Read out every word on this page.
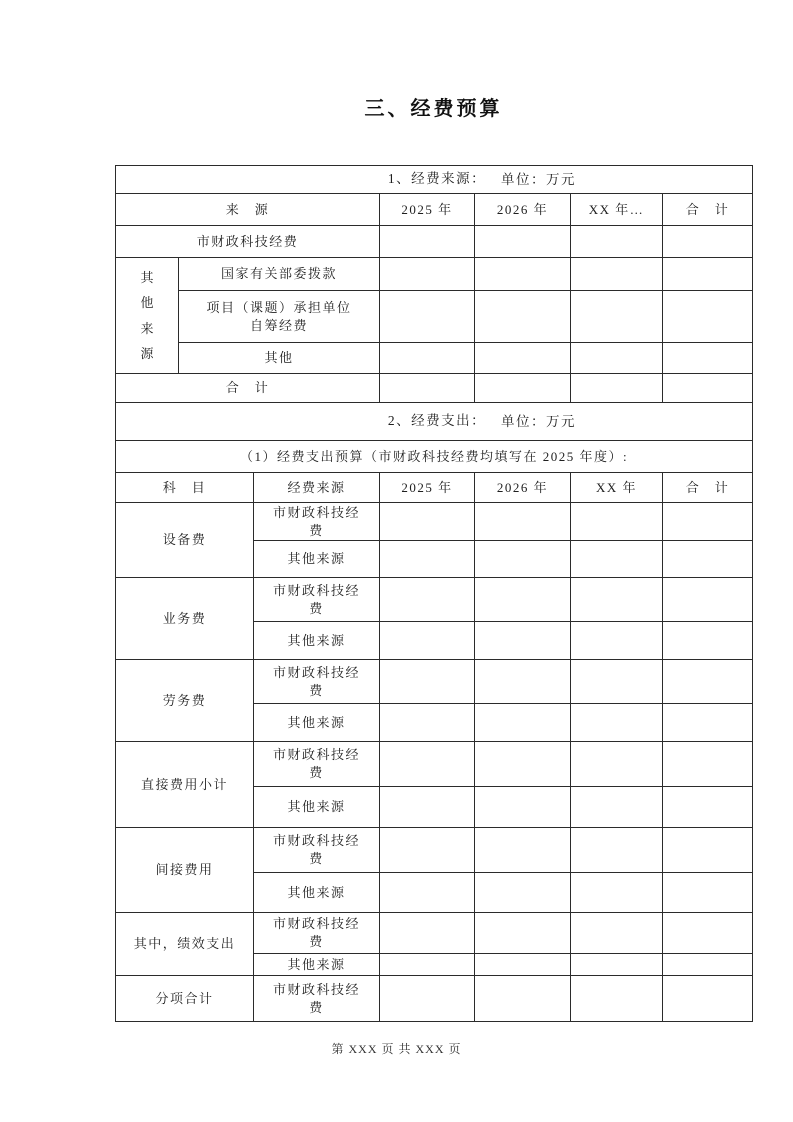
三、经费预算
1、经费来源： 单位：万元						

来　源			2025 年	2026 年	XX 年…	合　计
市财政科技经费						
其他来源	国家有关部委拨款					
	项目（课题）承担单位自筹经费					
	其他					
合　计						
2、经费支出： 单位：万元						

（1）经费支出预算（市财政科技经费均填写在 2025 年度）:						
科　目		经费来源	2025 年	2026 年	XX 年	合　计
设备费		市财政科技经费				
		其他来源				
业务费		市财政科技经费				
		其他来源				
劳务费		市财政科技经费				
		其他来源				
直接费用小计		市财政科技经费				
		其他来源				
间接费用		市财政科技经费				
		其他来源				
其中，绩效支出		市财政科技经费				
		其他来源				
分项合计		市财政科技经费				
第 XXX 页 共 XXX 页
